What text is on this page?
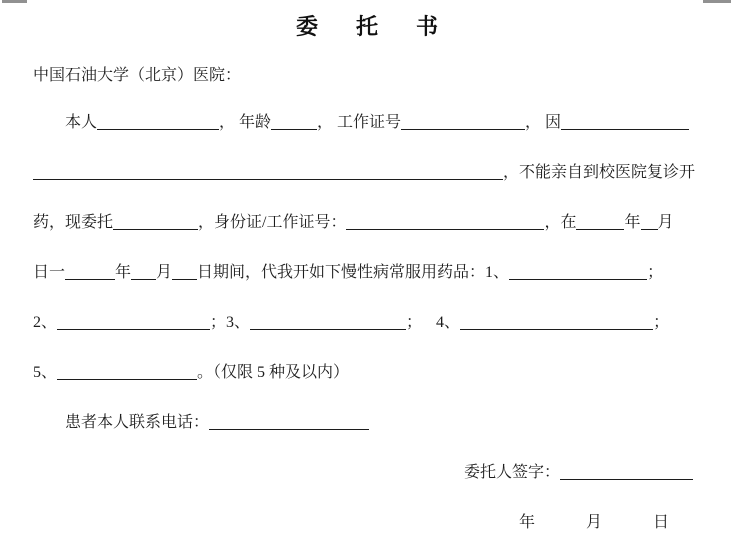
委　托　书
中国石油大学（北京）医院：
本人	， 年龄	， 工作证号	， 因
，不能亲自到校医院复诊开
药，现委托	，身份证/工作证号：	，在	年 月
日一	年 月 日期间，代我开如下慢性病常服用药品：1、	；
2、	；3、	； 4、	；
5、	。（仅限 5 种及以内）
患者本人联系电话：
委托人签字：
年	月	日
